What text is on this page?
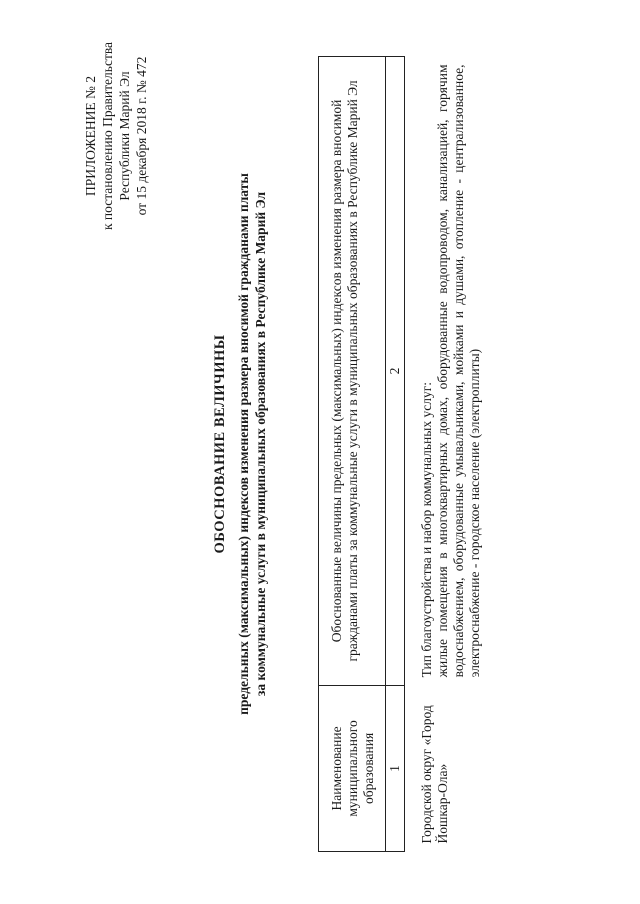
ПРИЛОЖЕНИЕ № 2 к постановлению Правительства Республики Марий Эл от 15 декабря 2018 г. № 472
ОБОСНОВАНИЕ ВЕЛИЧИНЫ предельных (максимальных) индексов изменения размера вносимой гражданами платы за коммунальные услуги в муниципальных образованиях в Республике Марий Эл
Наименование муниципального образования	Обоснованные величины предельных (максимальных) индексов изменения размера вносимой гражданами платы за коммунальные услуги в муниципальных образованиях в Республике Марий Эл
1	2
Городской округ «Город Йошкар-Ола»	Тип благоустройства и набор коммунальных услуг: жилые помещения в многоквартирных домах, оборудованные водопроводом, канализацией, горячим водоснабжением, оборудованные умывальниками, мойками и душами, отопление - централизованное, электроснабжение - городское население (электроплиты)
